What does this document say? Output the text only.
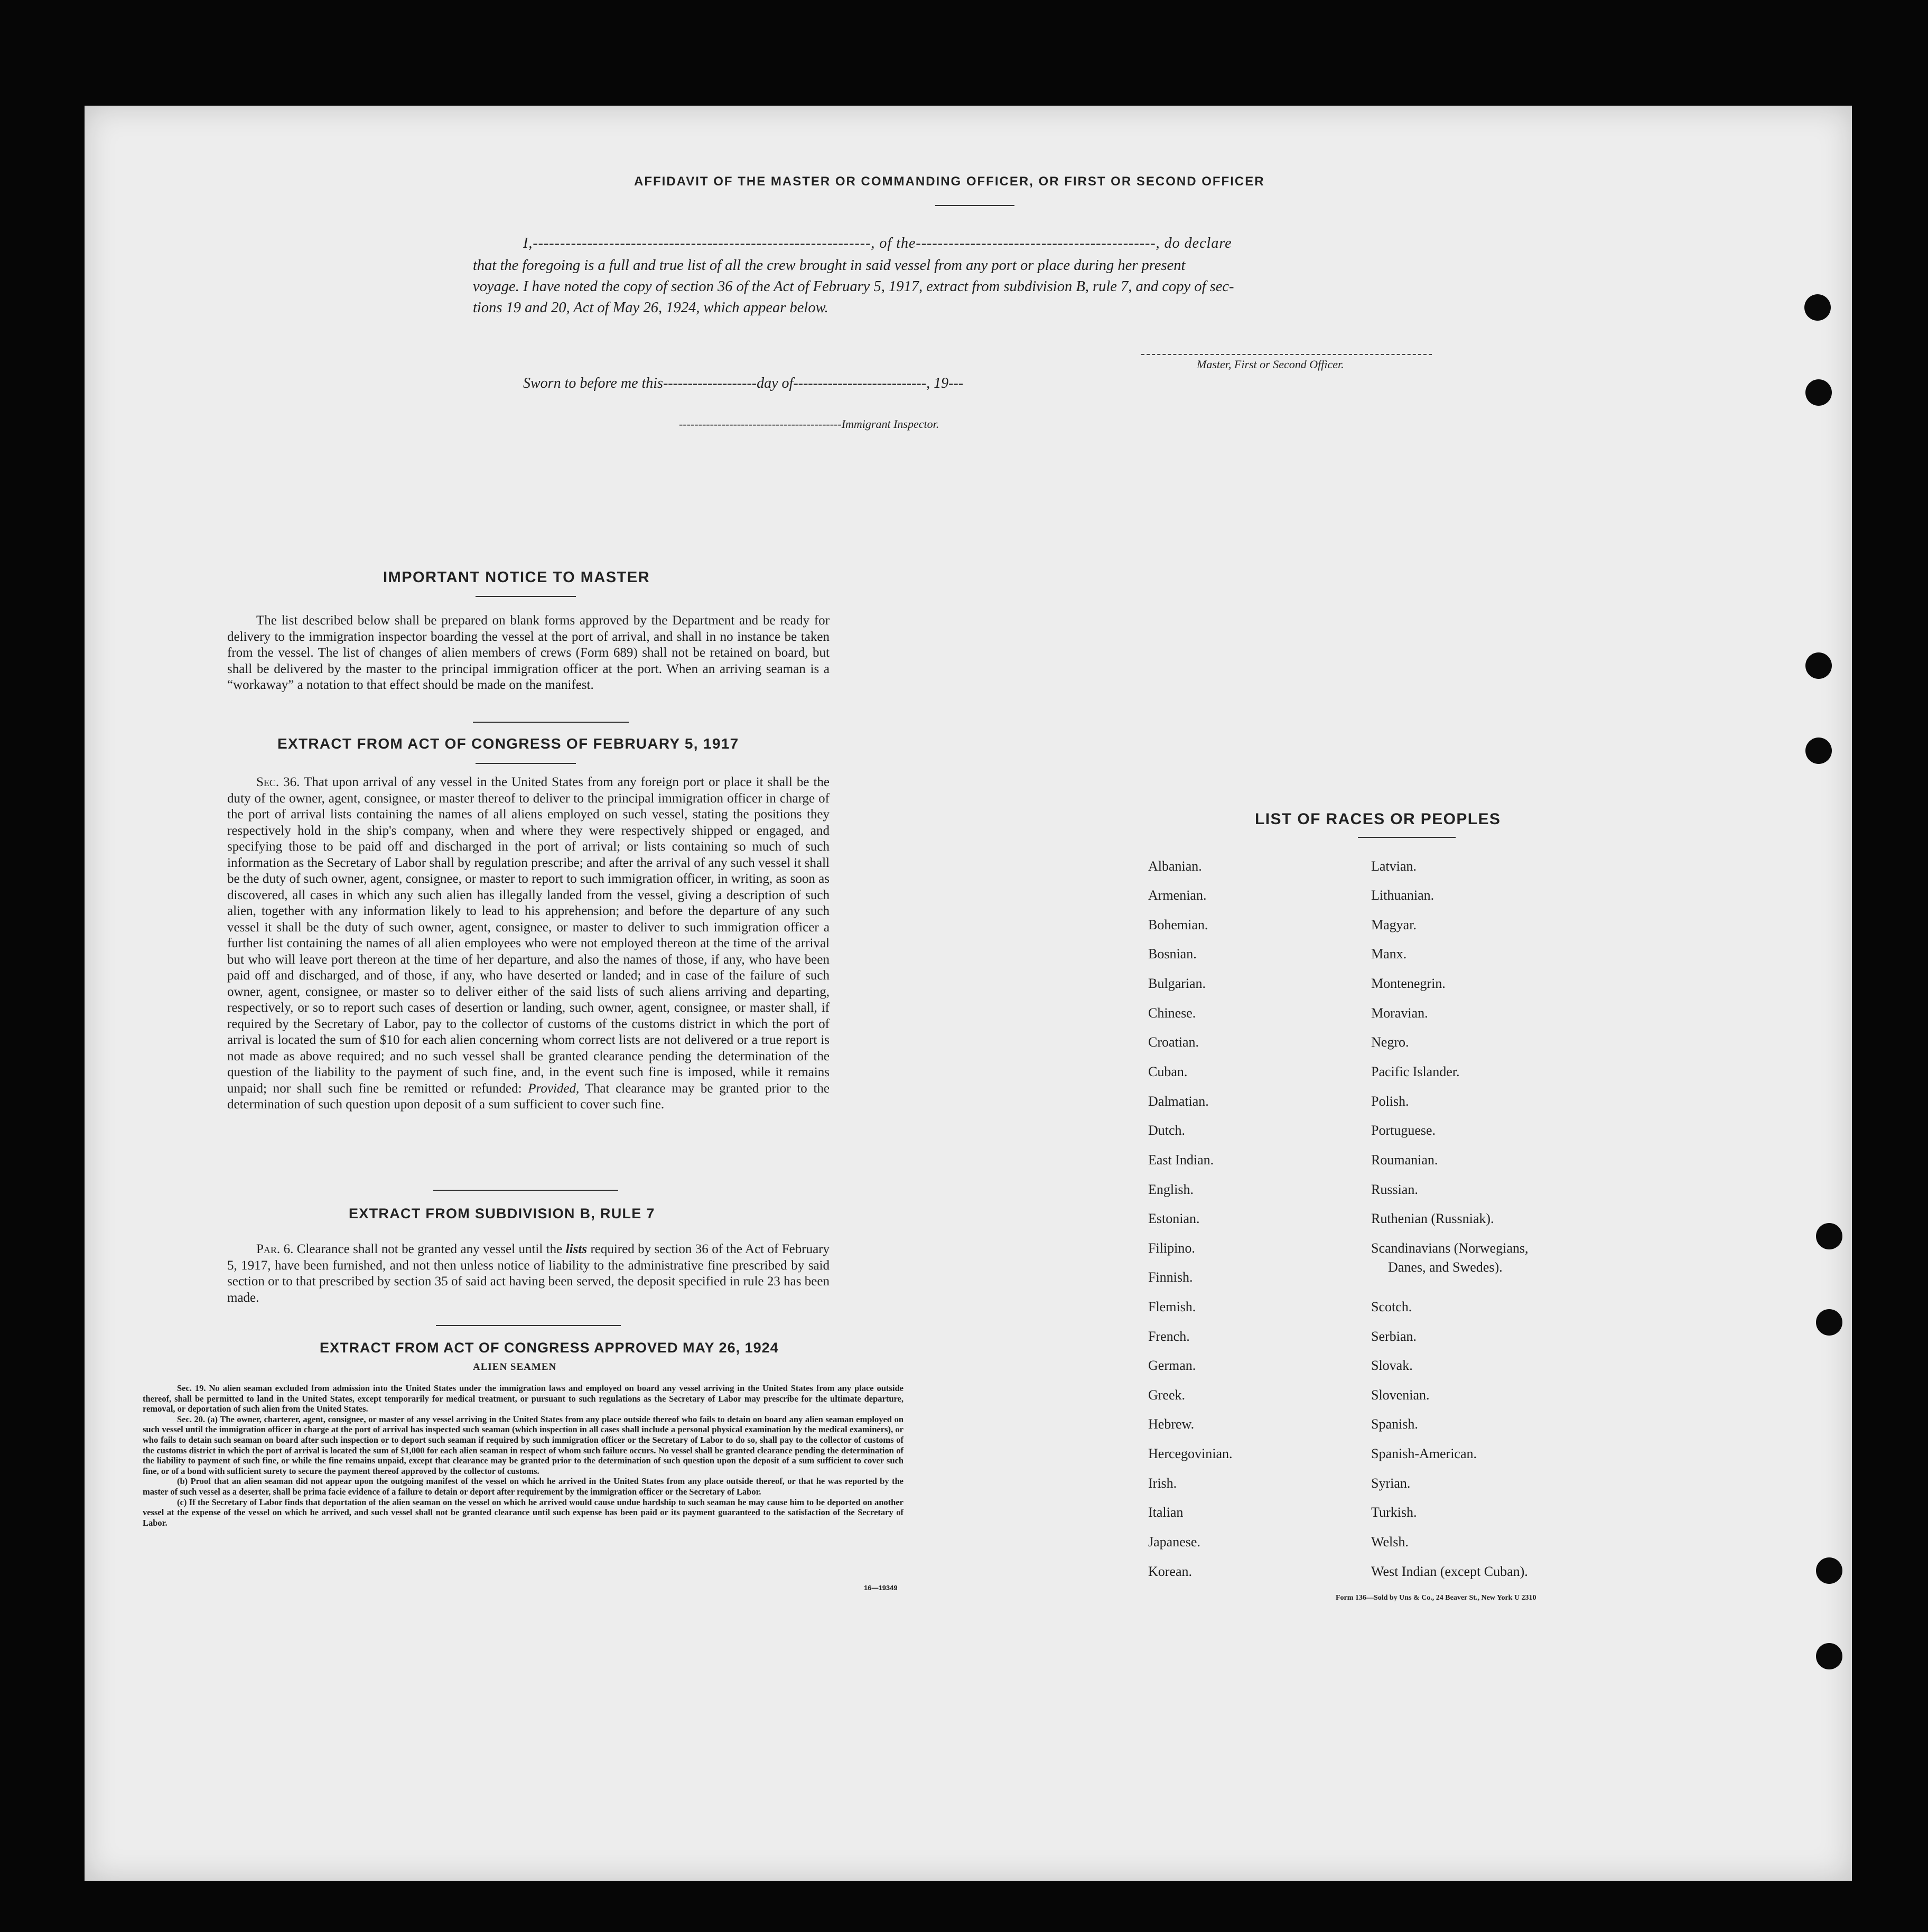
AFFIDAVIT OF THE MASTER OR COMMANDING OFFICER, OR FIRST OR SECOND OFFICER
I,--------------------------------------------------------------, of the--------------------------------------------, do declare
that the foregoing is a full and true list of all the crew brought in said vessel from any port or place during her present
voyage. I have noted the copy of section 36 of the Act of February 5, 1917, extract from subdivision B, rule 7, and copy of sec-
tions 19 and 20, Act of May 26, 1924, which appear below.
Master, First or Second Officer.
Sworn to before me this-------------------day of---------------------------, 19---
------------------------------------------Immigrant Inspector.
IMPORTANT NOTICE TO MASTER
The list described below shall be prepared on blank forms approved by the Department and be ready for delivery to the immigration inspector boarding the vessel at the port of arrival, and shall in no instance be taken from the vessel. The list of changes of alien members of crews (Form 689) shall not be retained on board, but shall be delivered by the master to the principal immigration officer at the port. When an arriving seaman is a “workaway” a notation to that effect should be made on the manifest.
EXTRACT FROM ACT OF CONGRESS OF FEBRUARY 5, 1917
Sec. 36. That upon arrival of any vessel in the United States from any foreign port or place it shall be the duty of the owner, agent, consignee, or master thereof to deliver to the principal immigration officer in charge of the port of arrival lists containing the names of all aliens employed on such vessel, stating the positions they respectively hold in the ship's company, when and where they were respectively shipped or engaged, and specifying those to be paid off and discharged in the port of arrival; or lists containing so much of such information as the Secretary of Labor shall by regulation prescribe; and after the arrival of any such vessel it shall be the duty of such owner, agent, consignee, or master to report to such immigration officer, in writing, as soon as discovered, all cases in which any such alien has illegally landed from the vessel, giving a description of such alien, together with any information likely to lead to his apprehension; and before the departure of any such vessel it shall be the duty of such owner, agent, consignee, or master to deliver to such immigration officer a further list containing the names of all alien employees who were not employed thereon at the time of the arrival but who will leave port thereon at the time of her departure, and also the names of those, if any, who have been paid off and discharged, and of those, if any, who have deserted or landed; and in case of the failure of such owner, agent, consignee, or master so to deliver either of the said lists of such aliens arriving and departing, respectively, or so to report such cases of desertion or landing, such owner, agent, consignee, or master shall, if required by the Secretary of Labor, pay to the collector of customs of the customs district in which the port of arrival is located the sum of $10 for each alien concerning whom correct lists are not delivered or a true report is not made as above required; and no such vessel shall be granted clearance pending the determination of the question of the liability to the payment of such fine, and, in the event such fine is imposed, while it remains unpaid; nor shall such fine be remitted or refunded: Provided, That clearance may be granted prior to the determination of such question upon deposit of a sum sufficient to cover such fine.
EXTRACT FROM SUBDIVISION B, RULE 7
Par. 6. Clearance shall not be granted any vessel until the lists required by section 36 of the Act of February 5, 1917, have been furnished, and not then unless notice of liability to the administrative fine prescribed by said section or to that prescribed by section 35 of said act having been served, the deposit specified in rule 23 has been made.
EXTRACT FROM ACT OF CONGRESS APPROVED MAY 26, 1924
ALIEN SEAMEN

Sec. 19. No alien seaman excluded from admission into the United States under the immigration laws and employed on board any vessel arriving in the United States from any place outside thereof, shall be permitted to land in the United States, except temporarily for medical treatment, or pursuant to such regulations as the Secretary of Labor may prescribe for the ultimate departure, removal, or deportation of such alien from the United States.

Sec. 20. (a) The owner, charterer, agent, consignee, or master of any vessel arriving in the United States from any place outside thereof who fails to detain on board any alien seaman employed on such vessel until the immigration officer in charge at the port of arrival has inspected such seaman (which inspection in all cases shall include a personal physical examination by the medical examiners), or who fails to detain such seaman on board after such inspection or to deport such seaman if required by such immigration officer or the Secretary of Labor to do so, shall pay to the collector of customs of the customs district in which the port of arrival is located the sum of $1,000 for each alien seaman in respect of whom such failure occurs. No vessel shall be granted clearance pending the determination of the liability to payment of such fine, or while the fine remains unpaid, except that clearance may be granted prior to the determination of such question upon the deposit of a sum sufficient to cover such fine, or of a bond with sufficient surety to secure the payment thereof approved by the collector of customs.

(b) Proof that an alien seaman did not appear upon the outgoing manifest of the vessel on which he arrived in the United States from any place outside thereof, or that he was reported by the master of such vessel as a deserter, shall be prima facie evidence of a failure to detain or deport after requirement by the immigration officer or the Secretary of Labor.

(c) If the Secretary of Labor finds that deportation of the alien seaman on the vessel on which he arrived would cause undue hardship to such seaman he may cause him to be deported on another vessel at the expense of the vessel on which he arrived, and such vessel shall not be granted clearance until such expense has been paid or its payment guaranteed to the satisfaction of the Secretary of Labor.

16—19349
LIST OF RACES OR PEOPLES
Albanian.
Armenian.
Bohemian.
Bosnian.
Bulgarian.
Chinese.
Croatian.
Cuban.
Dalmatian.
Dutch.
East Indian.
English.
Estonian.
Filipino.
Finnish.
Flemish.
French.
German.
Greek.
Hebrew.
Hercegovinian.
Irish.
Italian
Japanese.
Korean.
Latvian.
Lithuanian.
Magyar.
Manx.
Montenegrin.
Moravian.
Negro.
Pacific Islander.
Polish.
Portuguese.
Roumanian.
Russian.
Ruthenian (Russniak).
Scandinavians (Norwegians,
Danes, and Swedes).
Scotch.
Serbian.
Slovak.
Slovenian.
Spanish.
Spanish-American.
Syrian.
Turkish.
Welsh.
West Indian (except Cuban).
Form 136—Sold by Uns & Co., 24 Beaver St., New York U 2310
